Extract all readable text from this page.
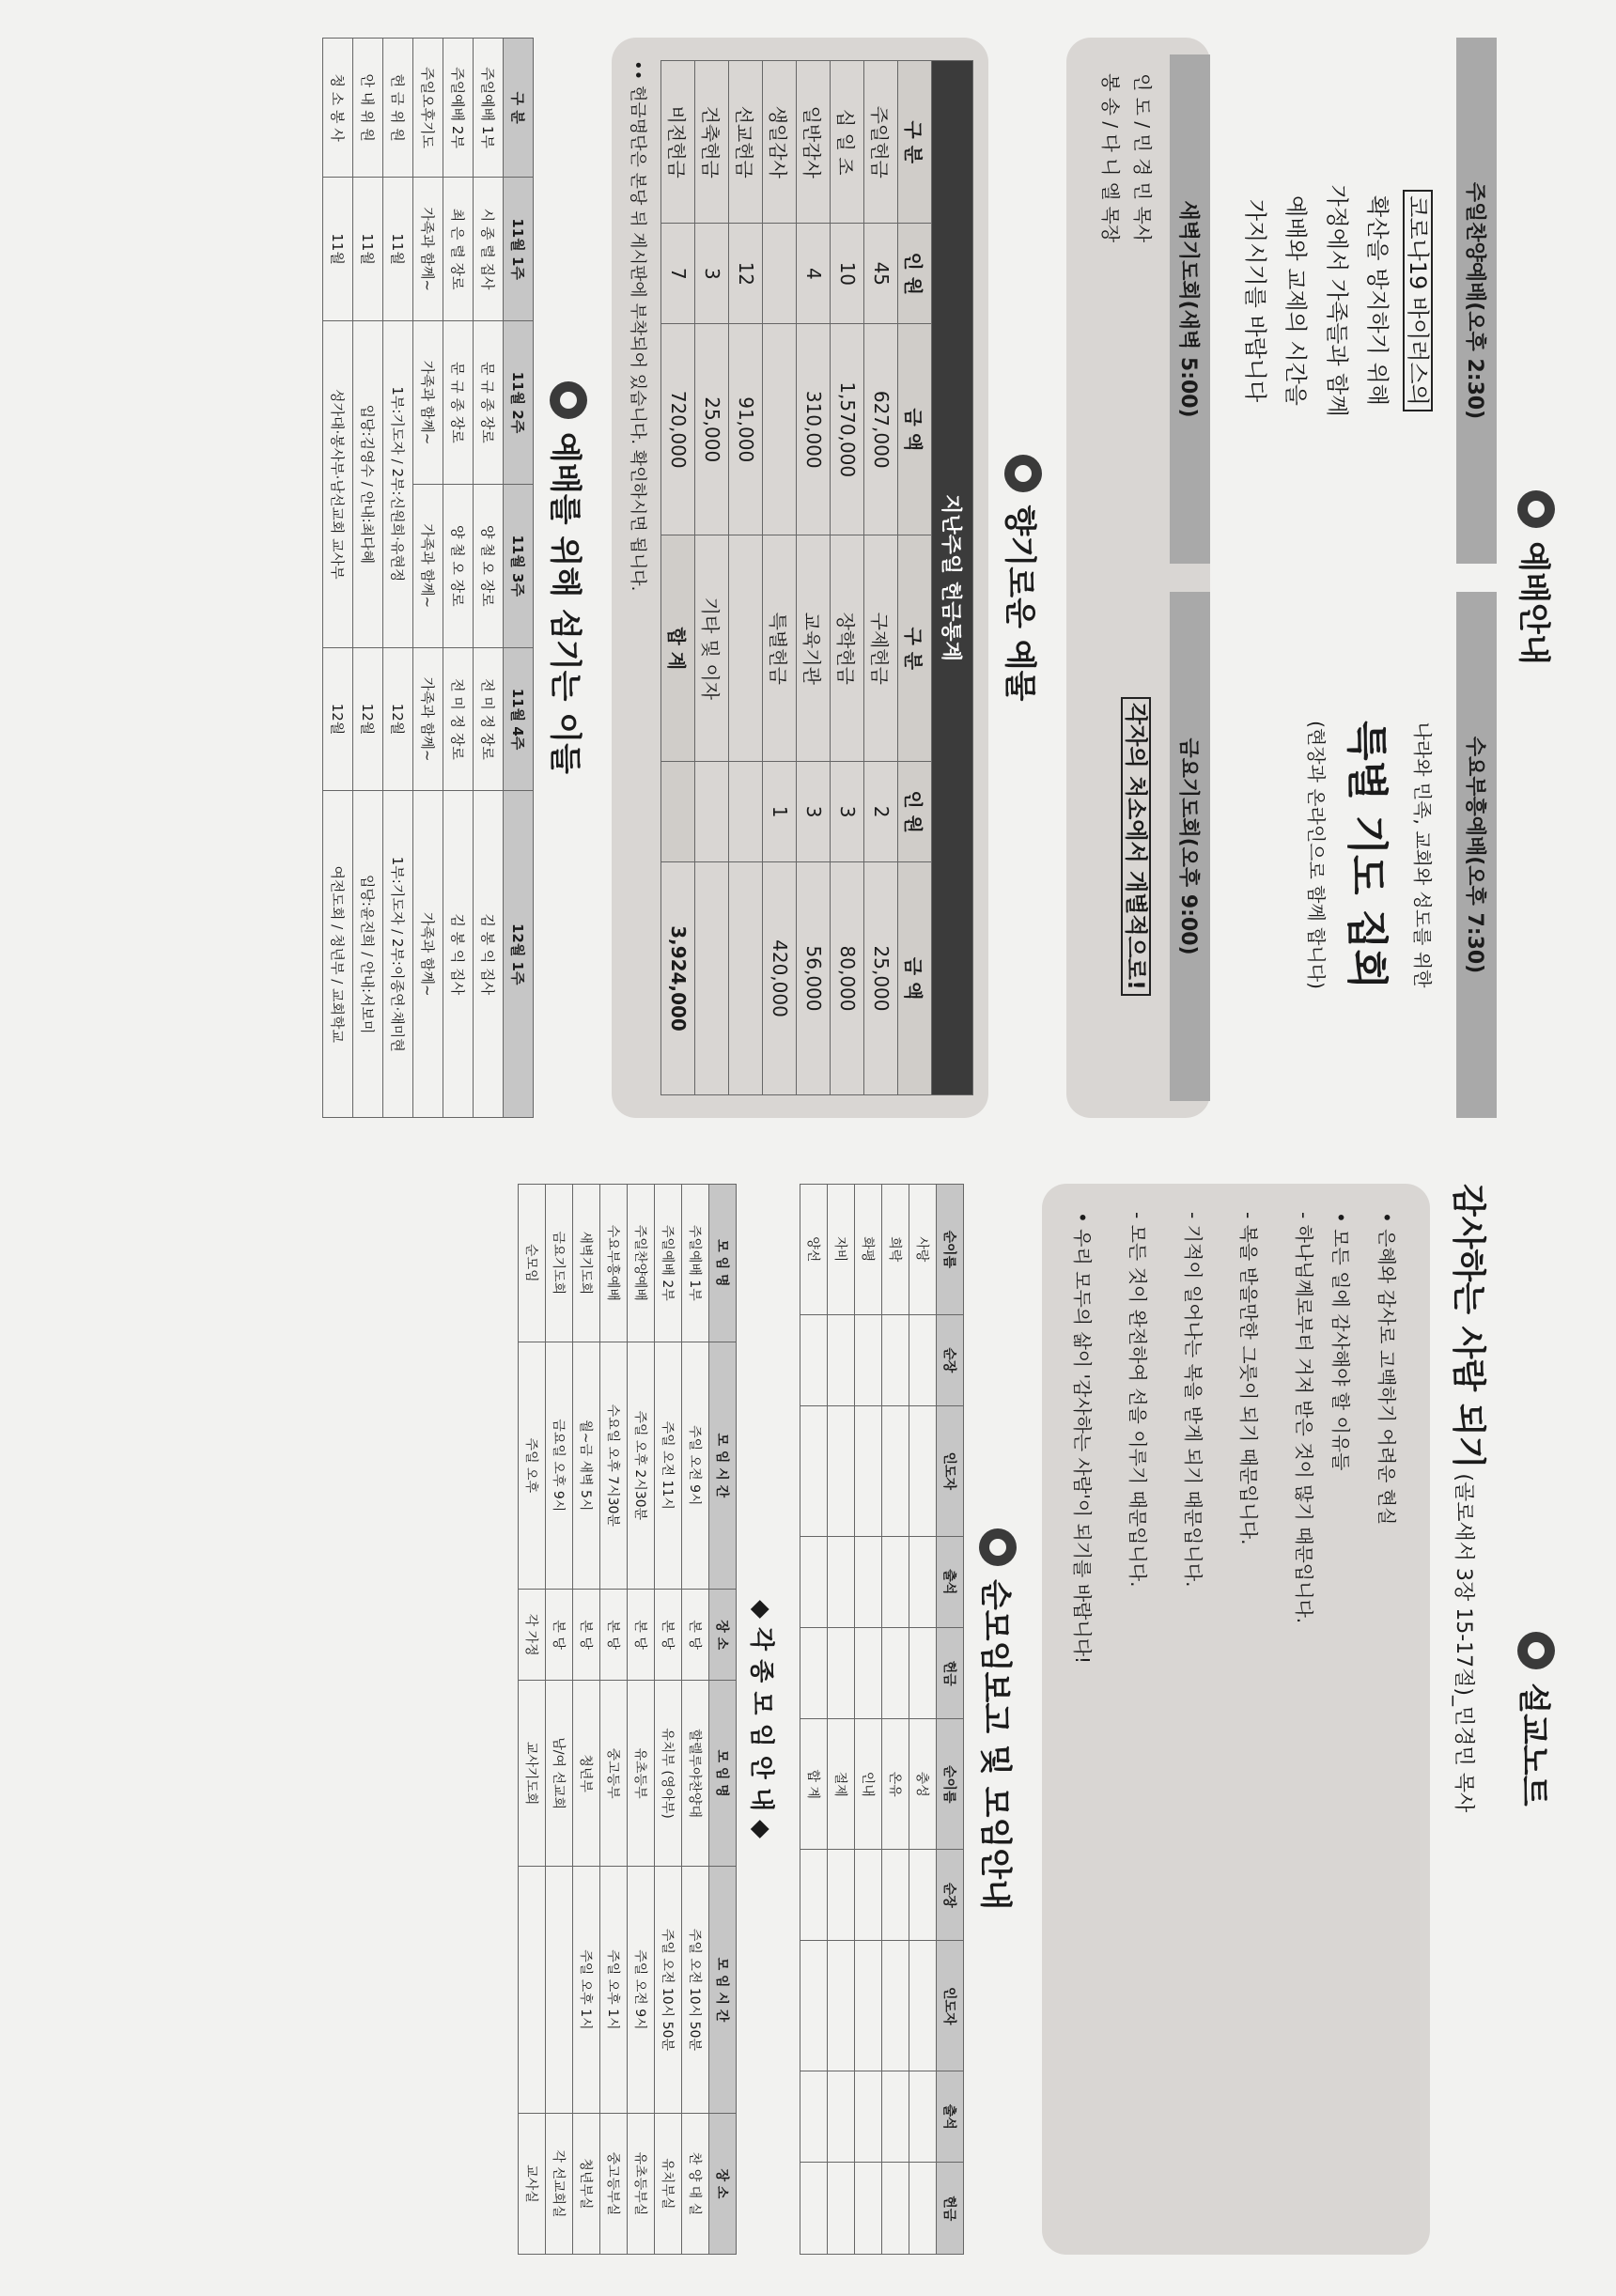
예배안내
주일찬양예배(오후 2:30)
코로나19 바이러스의
확산을 방지하기 위해
가정에서 가족들과 함께
예배와 교제의 시간을
가지시기를 바랍니다
수요부흥예배(오후 7:30)
나라와 민족, 교회와 성도를 위한
특별 기도 집회
(현장과 온라인으로 함께 합니다)
새벽기도회(새벽 5:00)
인 도 / 민 경 민 목사
봉 송 / 다 니 엘 목장
금요기도회(오후 9:00)
각자의 처소에서 개별적으로!
향기로운 예물
지난주일 헌금통계					
구 분	인 원	금 액	구 분	인 원	금 액
주일헌금	45	627,000	구제헌금	2	25,000
십 일 조	10	1,570,000	장학헌금	3	80,000
일반감사	4	310,000	교육기관	3	56,000
생일감사			특별헌금	1	420,000
선교헌금	12	91,000			
건축헌금	3	25,000	기타 및 이자		
비전헌금	7	720,000	합 계		3,924,000
•• 헌금명단은 본당 뒤 게시판에 부착되어 있습니다. 확인하시면 됩니다.
예배를 위해 섬기는 이들
구 분	11월 1주	11월 2주	11월 3주	11월 4주	12월 1주
주일예배 1부	시 종 렬 집사	문 규 종 장로	양 철 오 장로	전 미 정 장로	김 봉 익 집사
주일예배 2부	최 은 렬 장로	문 규 종 장로	양 철 오 장로	전 미 정 장로	김 봉 익 집사
주일오후기도	가족과 함께~	가족과 함께~	가족과 함께~	가족과 함께~	가족과 함께~
헌 금 위 원	11월	1부:기도자 / 2부:신원희·유현정		12월	1부:기도자 / 2부:이종연·채미현
안 내 위 원	11월	입당:김영수 / 안내:최다혜		12월	입당:윤진희 / 안내:서보미
청 소 봉 사	11월	성가대·봉사부·남선교회 교사부		12월	여전도회 / 청년부 / 교회학교
설교노트
감사하는 사람 되기 (골로새서 3장 15-17절)_민경민 목사
• 은혜와 감사로 고백하기 어려운 현실
• 모든 일에 감사해야 할 이유들
- 하나님께로부터 거저 받은 것이 많기 때문입니다.
- 복을 받을만한 그릇이 되기 때문입니다.
- 기적이 일어나는 복을 받게 되기 때문입니다.
- 모든 것이 완전하여 선을 이루기 때문입니다.
• 우리 모두의 삶이 '감사하는 사람'이 되기를 바랍니다!
순모임보고 및 모임안내
순이름	순장	인도자	출석	헌금	순이름	순장	인도자	출석	헌금
사랑					충성				
희락					온유				
화평					인내				
자비					절제				
양선					합 계				
◆ 각 종 모 임 안 내 ◆
모 임 명	모 임 시 간	장 소	모 임 명	모 임 시 간	장 소
주일예배 1부	주일 오전 9시	본 당	할렐루야찬양대	주일 오전 10시 50분	찬 양 대 실
주일예배 2부	주일 오전 11시	본 당	유치부 (영아부)	주일 오전 10시 50분	유치부실
주일찬양예배	주일 오후 2시30분	본 당	유초등부	주일 오전 9시	유초등부실
수요부흥예배	수요일 오후 7시30분	본 당	중고등부	주일 오후 1시	중고등부실
새벽기도회	월~금 새벽 5시	본 당	청년부	주일 오후 1시	청년부실
금요기도회	금요일 오후 9시	본 당	남/여 선교회		각 선교회실
순모임	주일 오후	각 가정	교사기도회		교사실
